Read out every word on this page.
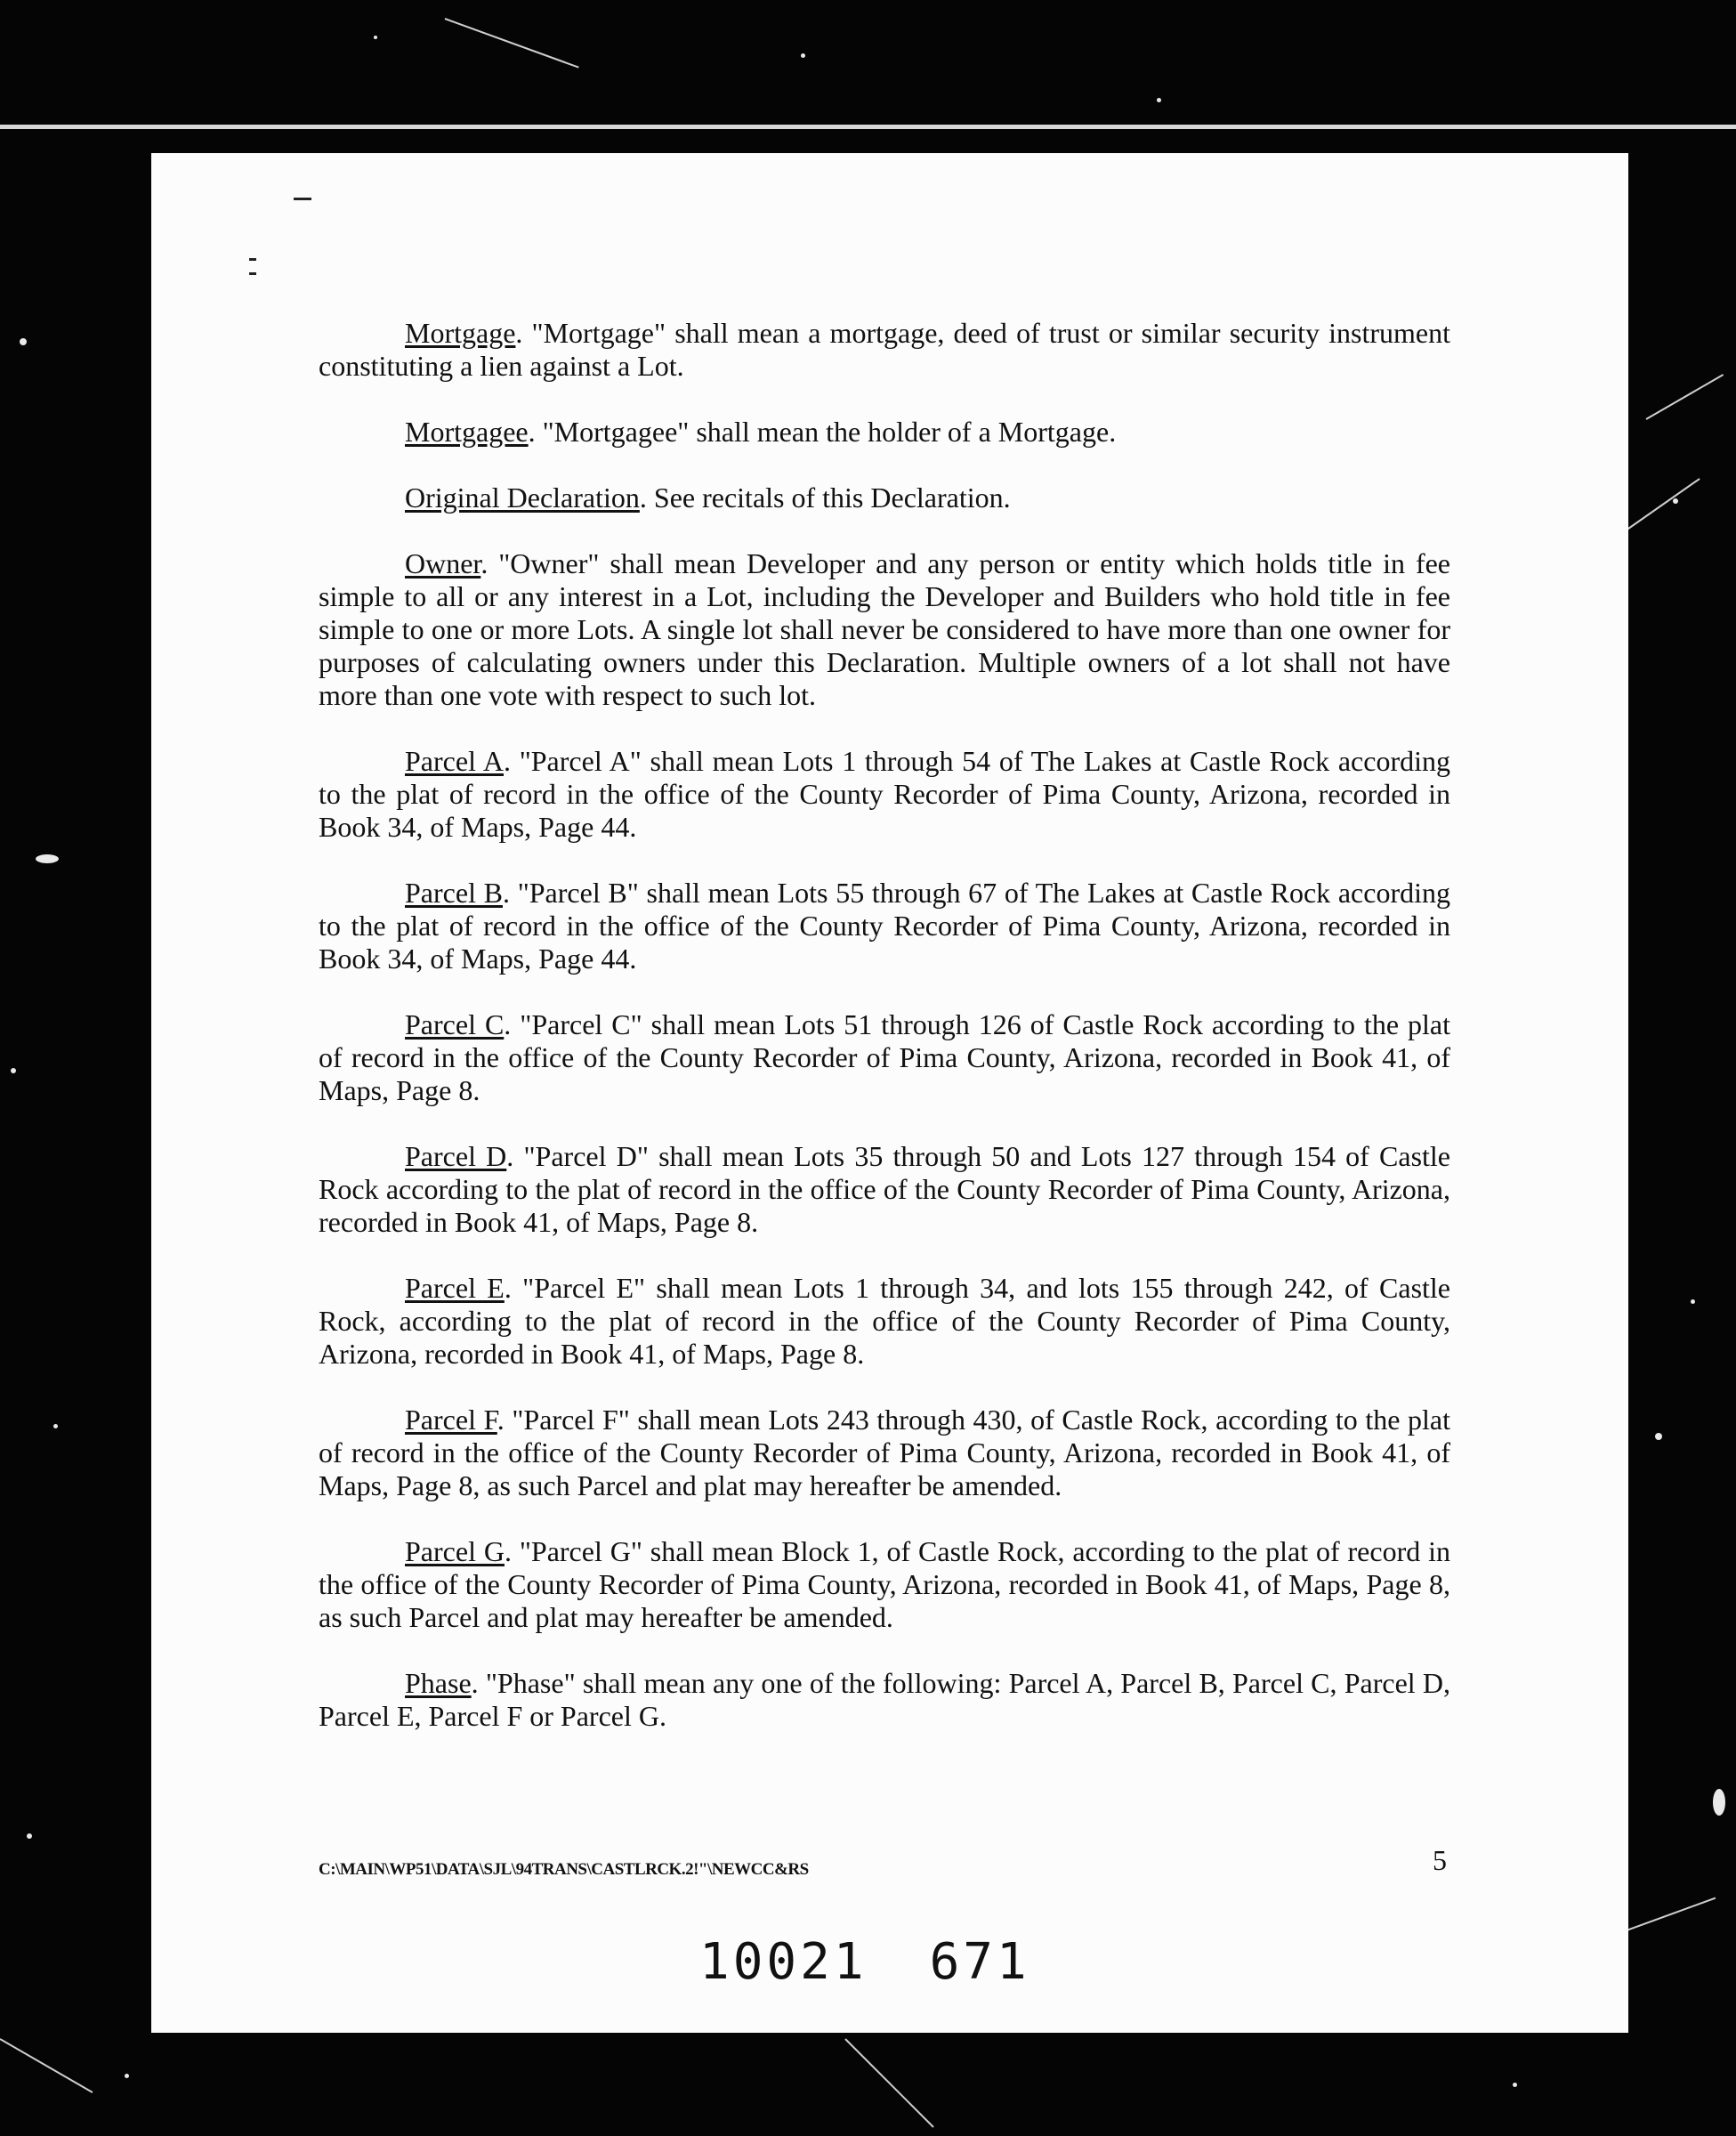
Mortgage. "Mortgage" shall mean a mortgage, deed of trust or similar security instrument constituting a lien against a Lot.

Mortgagee. "Mortgagee" shall mean the holder of a Mortgage.

Original Declaration. See recitals of this Declaration.

Owner. "Owner" shall mean Developer and any person or entity which holds title in fee simple to all or any interest in a Lot, including the Developer and Builders who hold title in fee simple to one or more Lots. A single lot shall never be considered to have more than one owner for purposes of calculating owners under this Declaration. Multiple owners of a lot shall not have more than one vote with respect to such lot.

Parcel A. "Parcel A" shall mean Lots 1 through 54 of The Lakes at Castle Rock according to the plat of record in the office of the County Recorder of Pima County, Arizona, recorded in Book 34, of Maps, Page 44.

Parcel B. "Parcel B" shall mean Lots 55 through 67 of The Lakes at Castle Rock according to the plat of record in the office of the County Recorder of Pima County, Arizona, recorded in Book 34, of Maps, Page 44.

Parcel C. "Parcel C" shall mean Lots 51 through 126 of Castle Rock according to the plat of record in the office of the County Recorder of Pima County, Arizona, recorded in Book 41, of Maps, Page 8.

Parcel D. "Parcel D" shall mean Lots 35 through 50 and Lots 127 through 154 of Castle Rock according to the plat of record in the office of the County Recorder of Pima County, Arizona, recorded in Book 41, of Maps, Page 8.

Parcel E. "Parcel E" shall mean Lots 1 through 34, and lots 155 through 242, of Castle Rock, according to the plat of record in the office of the County Recorder of Pima County, Arizona, recorded in Book 41, of Maps, Page 8.

Parcel F. "Parcel F" shall mean Lots 243 through 430, of Castle Rock, according to the plat of record in the office of the County Recorder of Pima County, Arizona, recorded in Book 41, of Maps, Page 8, as such Parcel and plat may hereafter be amended.

Parcel G. "Parcel G" shall mean Block 1, of Castle Rock, according to the plat of record in the office of the County Recorder of Pima County, Arizona, recorded in Book 41, of Maps, Page 8, as such Parcel and plat may hereafter be amended.

Phase. "Phase" shall mean any one of the following: Parcel A, Parcel B, Parcel C, Parcel D, Parcel E, Parcel F or Parcel G.

C:\MAIN\WP51\DATA\SJL\94TRANS\CASTLRCK.2!"\NEWCC&RS	5
10021 671
